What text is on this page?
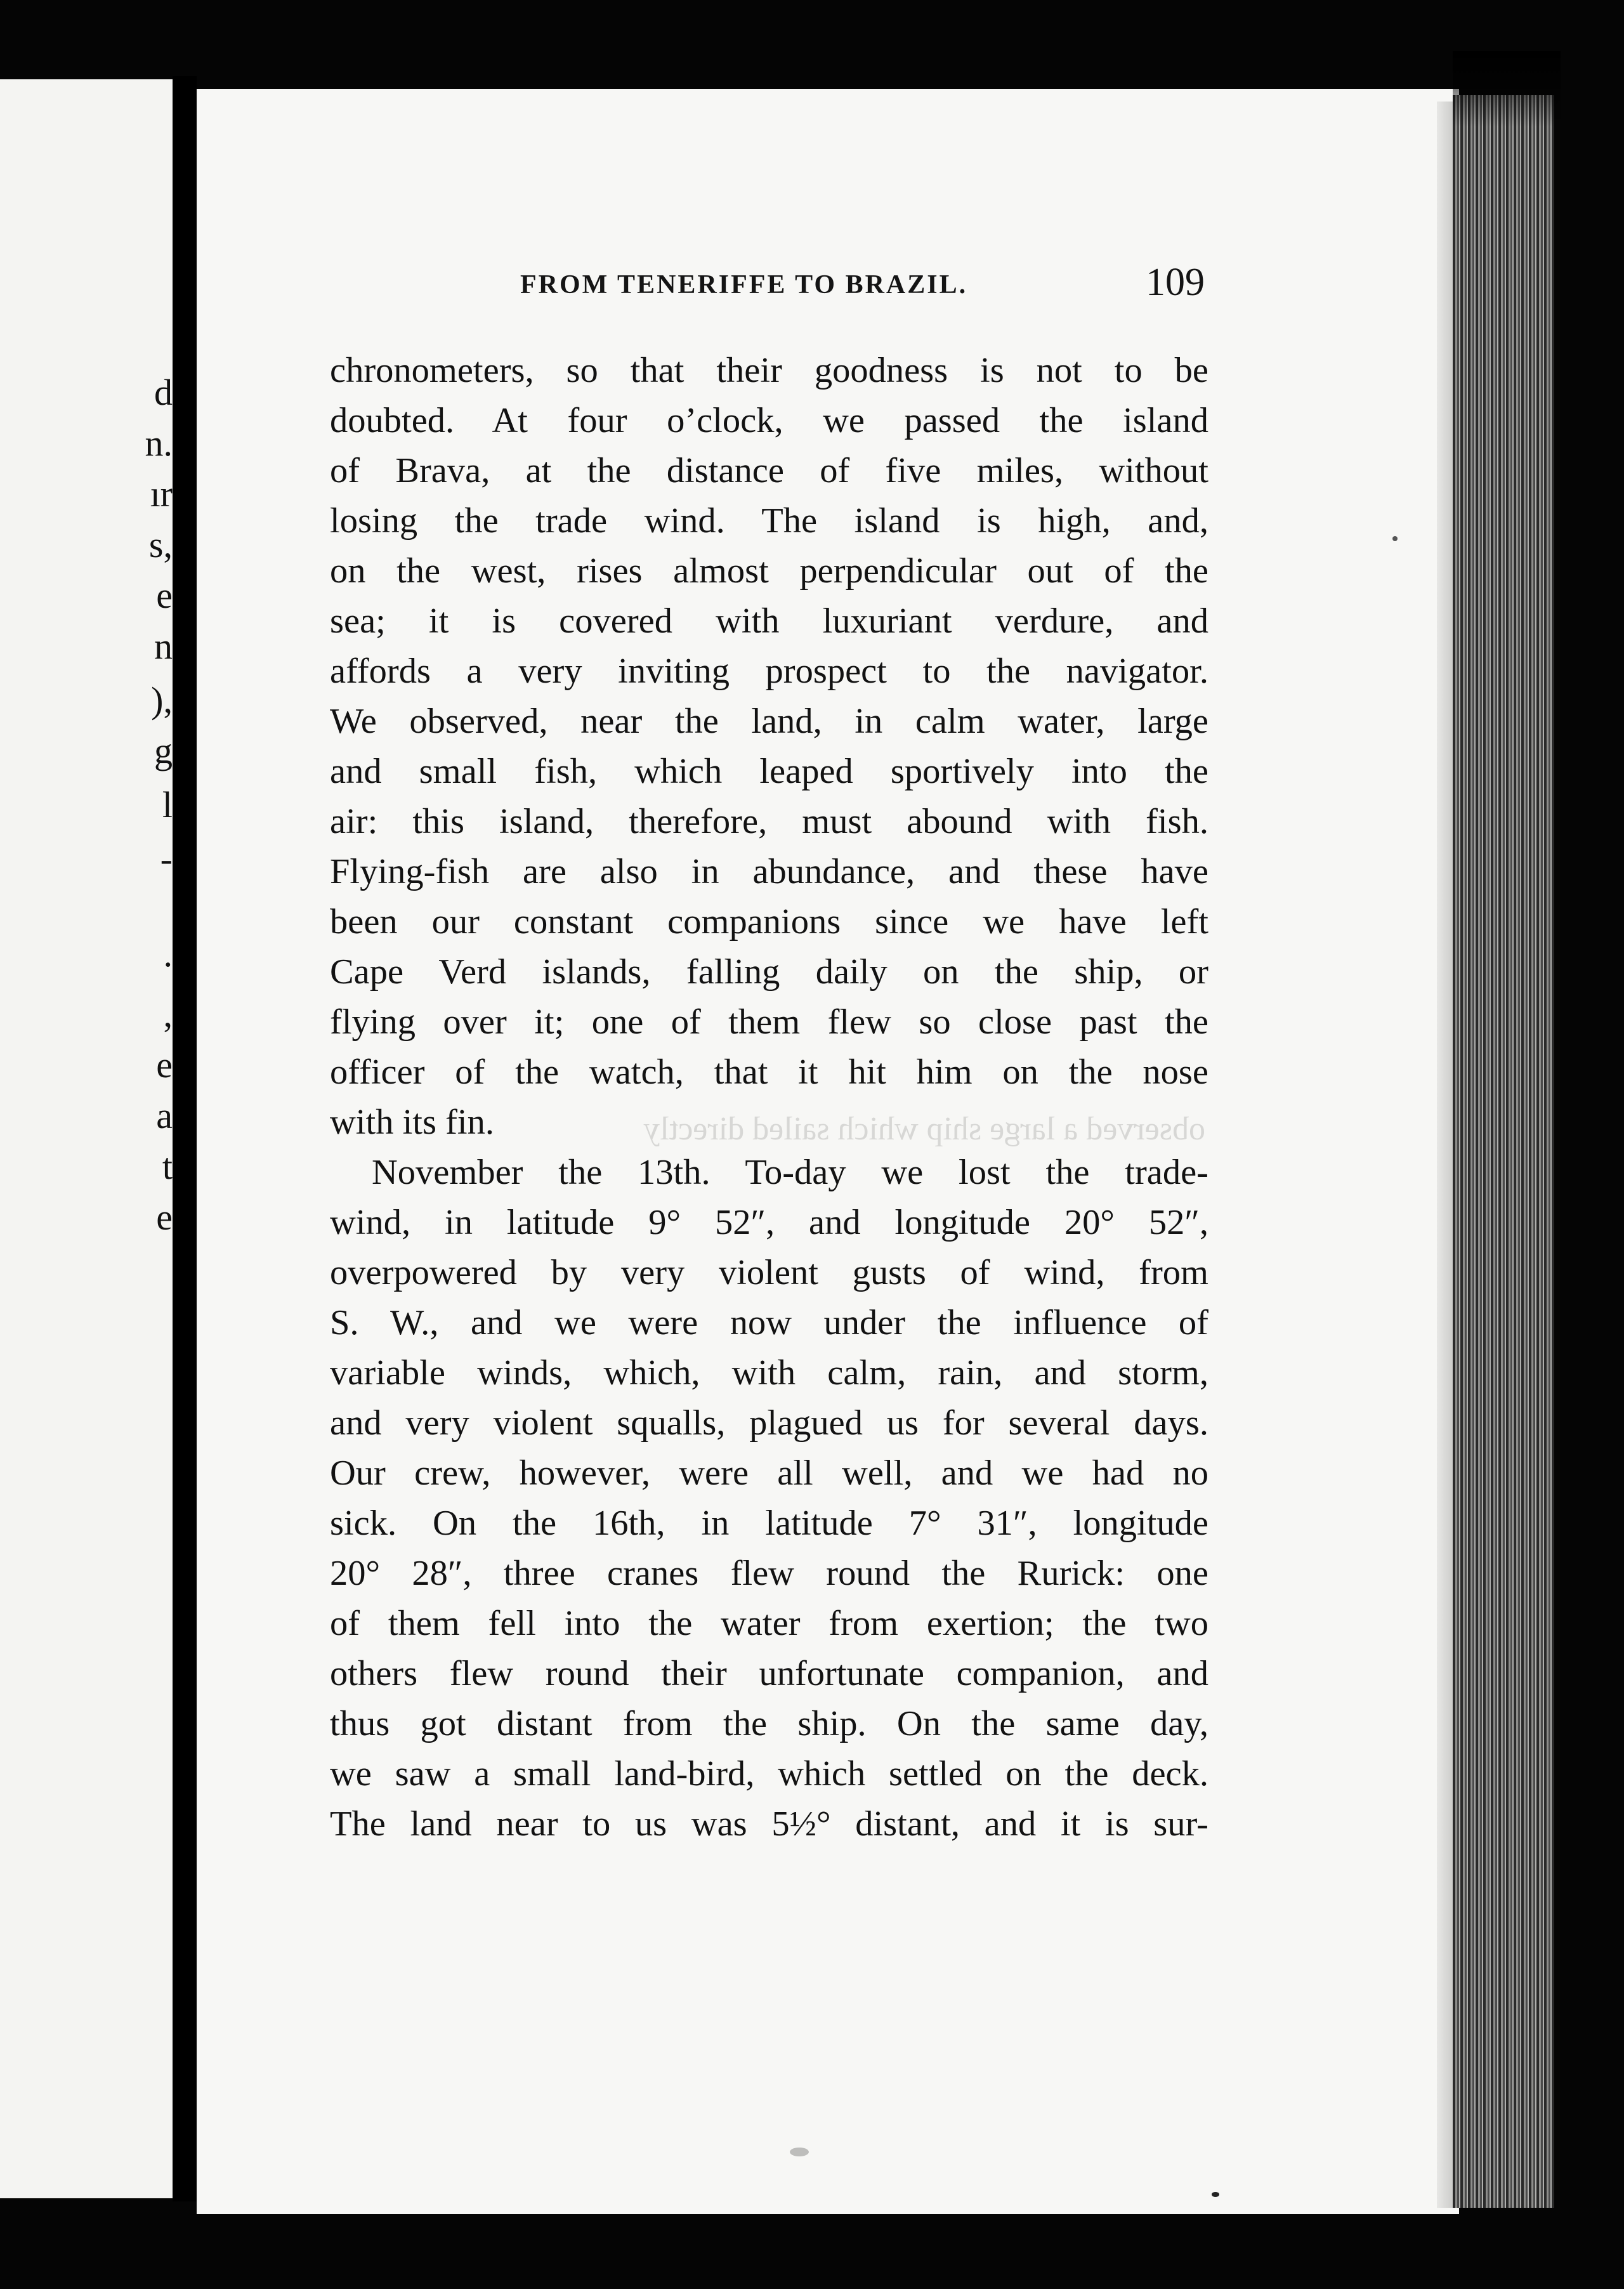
d
n.
ır
s,
e
n
),
g
l
-
.
,
e
a
t
e
observed a large ship which sailed directly
FROM TENERIFFE TO BRAZIL.	109
chronometers, so that their goodness is not to be
doubted. At four o’clock, we passed the island
of Brava, at the distance of five miles, without
losing the trade wind. The island is high, and,
on the west, rises almost perpendicular out of the
sea; it is covered with luxuriant verdure, and
affords a very inviting prospect to the navigator.
We observed, near the land, in calm water, large
and small fish, which leaped sportively into the
air: this island, therefore, must abound with fish.
Flying-fish are also in abundance, and these have
been our constant companions since we have left
Cape Verd islands, falling daily on the ship, or
flying over it; one of them flew so close past the
officer of the watch, that it hit him on the nose
with its fin.
November the 13th. To-day we lost the trade-
wind, in latitude 9° 52″, and longitude 20° 52″,
overpowered by very violent gusts of wind, from
S. W., and we were now under the influence of
variable winds, which, with calm, rain, and storm,
and very violent squalls, plagued us for several days.
Our crew, however, were all well, and we had no
sick. On the 16th, in latitude 7° 31″, longitude
20° 28″, three cranes flew round the Rurick: one
of them fell into the water from exertion; the two
others flew round their unfortunate companion, and
thus got distant from the ship. On the same day,
we saw a small land-bird, which settled on the deck.
The land near to us was 5½° distant, and it is sur-
